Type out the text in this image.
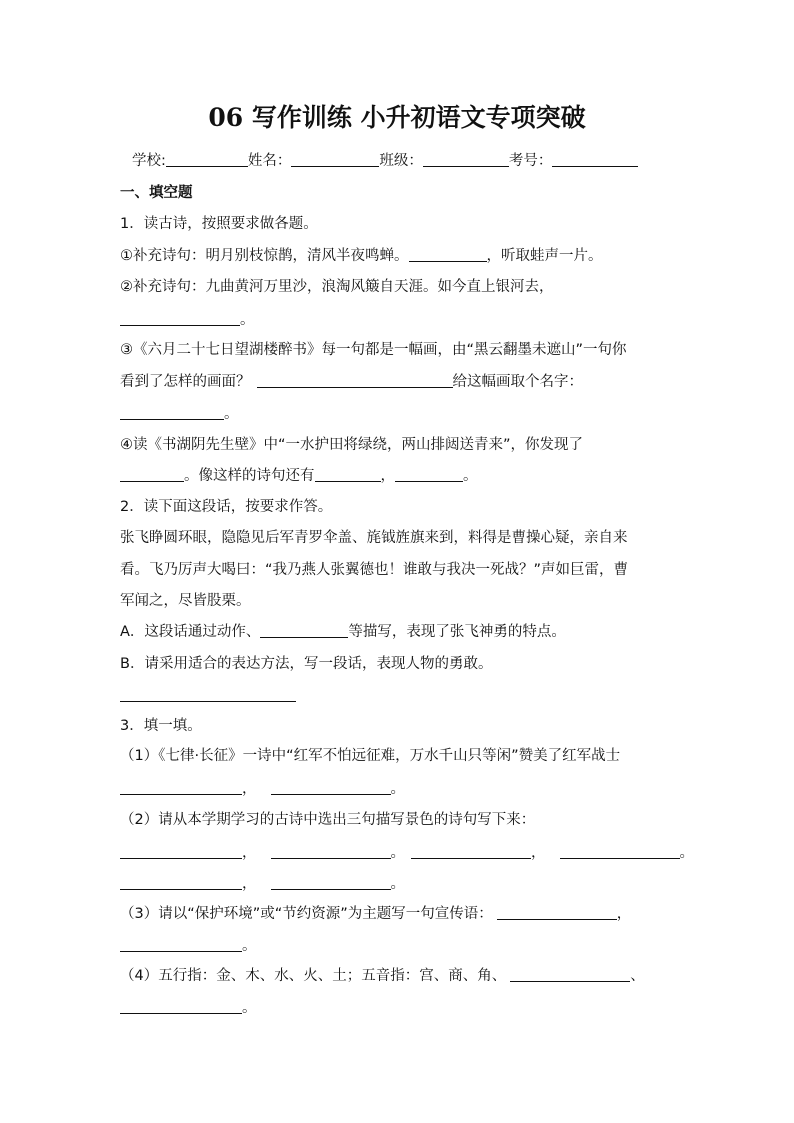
06 写作训练 小升初语文专项突破
学校:	姓名：	班级：	考号：
一、填空题
1．读古诗，按照要求做各题。
①补充诗句：明月别枝惊鹊，清风半夜鸣蝉。	，听取蛙声一片。
②补充诗句：九曲黄河万里沙，浪淘风簸自天涯。如今直上银河去，
。
③《六月二十七日望湖楼醉书》每一句都是一幅画，由“黑云翻墨未遮山”一句你
看到了怎样的画面？	给这幅画取个名字：
。
④读《书湖阴先生壁》中“一水护田将绿绕，两山排闼送青来”，你发现了
。像这样的诗句还有	，	。
2．读下面这段话，按要求作答。
张飞睁圆环眼，隐隐见后军青罗伞盖、旄钺旌旗来到，料得是曹操心疑，亲自来
看。飞乃厉声大喝曰：“我乃燕人张翼德也！谁敢与我决一死战？”声如巨雷，曹
军闻之，尽皆股栗。
A．这段话通过动作、	等描写，表现了张飞神勇的特点。
B．请采用适合的表达方法，写一段话，表现人物的勇敢。
3．填一填。
（1）《七律·长征》一诗中“红军不怕远征难，万水千山只等闲”赞美了红军战士
，	。
（2）请从本学期学习的古诗中选出三句描写景色的诗句写下来：
，	。	，	。
，	。
（3）请以“保护环境”或“节约资源”为主题写一句宣传语：	，
。
（4）五行指：金、木、水、火、土；五音指：宫、商、角、	、
。
